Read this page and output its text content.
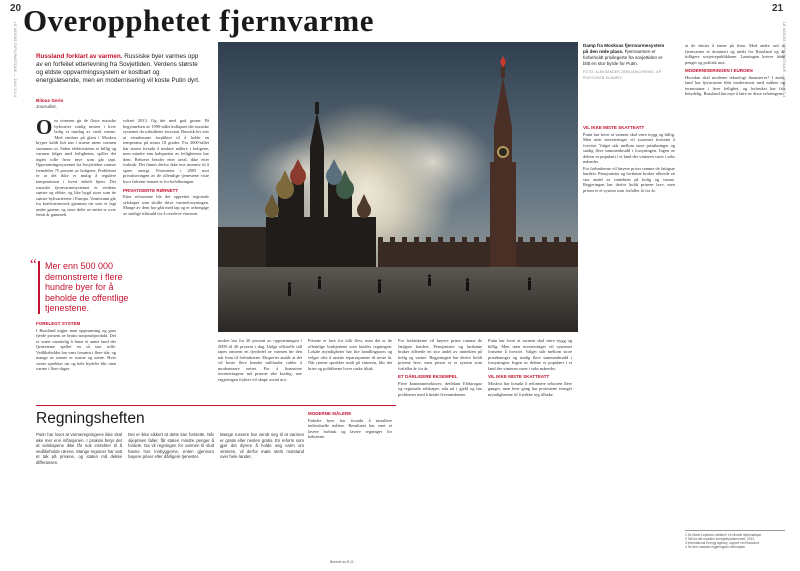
20	21
LE MONDE DIPLOMATIQUE — JUNI 2014	LE MONDE DIPLOMATIQUE — JUNI 2014
Overopphetet fjernvarme
Russland forklart av varmen. Russiske byer varmes opp av en forfeilet etterlevning fra Sovjettiden. Verdens største og eldste oppvarmingssystem er kostbart og energisløsende, men en modernisering vil koste Putin dyrt.
Bilous Gerin
Journalist.
Damp fra Moskvas fjernvarmesystem på den røde plass. Fjernvarmen er forbeholdt privilegerte fra sovjettiden er blitt en stor byrde for Putin.
FOTO: ALEKSANDER ZEMLIANICHENKO, AP PHOTO/NTB SCANPIX
O m vinteren gir de flotte russiske bykvarter vanlig nesten i hver bolig et innslag av sterk varme. Med vinduer på glant i Moskva kryper kaldt luft inn i stuene mens varmen strømmer ut. Siden elektrisiteten er billig og varmen følger med leiligheten, spiller det ingen rolle hvor mye som går tapt. Oppvarmingssystemet fra Sovjettiden varmer fremdeles 75 prosent av boligene. Problemet er at det ikke er mulig å regulere temperaturen i hvert enkelt hjem. Det russiske fjernvarmesystemet er verdens største og eldste, og like bygd store som de største bykvarterene i Europa. Varmtvann går fra kraftvarmeverk gjennom rør som er lagt under gatene, og store deler av nettet er over femti år gammelt.
FORELEGT SYSTEM

I Russland utgjør man oppvarming og gass fjerde prosent av brutto nasjonalprodukt. Det er svært vanskelig å finne et annet land der fjernvarme spiller en så stor rolle. Vedlikeholdet har vært forsømt i flere tiår, og mange av rørene er rustne og utette. Hver vinter sprekker rør og hele bydeler blir uten varme i flere dager.

“ Mer enn 500 000 demonstrerte i flere hundre byer for å beholde de offentlige tjenestene.

vokset 2013. Og det med god grunn: På begynnelsen av 1990-tallet kollapset det russiske systemet da subsidiene forsvant. Russisk lov sier at eiendomme forpliktet til å holde en temperatur på minst 18 grader. Fra 2000-tallet har staten forsøkt å innføre målere i boligene, men mindre enn halvparten av leilighetene har dem. Beboere betaler etter areal, ikke etter forbruk. Det finnes derfor ikke noe insentiv til å spare energi. Protestene i 2005 mot privatiseringen av de offentlige tjenestene viste hvor følsomt temaet er for befolkningen.

PRIVATISERTE RØRNETT

Etter reformene ble det opprettet regionale selskaper som skulle drive varmeforsyningen. Mange av dem har gått med tap og er avhengige av statlige tilskudd for å overleve vinteren.

nesker bar fra 20 prosent av oppvarmingen i 2009 til 40 prosent i dag. Ifølge offisielle tall tapes omtrent en fjerdedel av varmen før den når frem til forbrukerne. Eksperter anslår at det vil koste flere hundre milliarder rubler å modernisere nettet. For å finansiere investeringene må prisene øke kraftig, noe regjeringen frykter vil skape sosial uro.

Prisene er lave for folk flest, men det er de offentlige budsjettene som betaler regningen. Lokale myndigheter har lite handlingsrom og velger ofte å utsette reparasjonene til neste år. Når rørene sprekker midt på vinteren, blir det krise og politikerne lover raske tiltak.

MODERNE MÅLERE

Enkelte byer har forsøkt å installere individuelle målere. Resultatet har vært et lavere forbruk og lavere regninger for beboerne.

For forbrukerne vil høyere priser ramme de fattigste hardest. Pensjonister og lavtlønte bruker allerede en stor andel av inntekten på bolig og varme. Regjeringen har derfor holdt prisene lave, men prisen er et system som forfaller år for år.

ET DÅRLIGERE EKSEMPEL

Flere kommunesektorer, deriblant Elektrogaz og regionale selskaper, står nå i gjeld og har problemer med å betale leverandørene.

Putin har lovet at varmen skal være trygg og billig. Men uten investeringer vil systemet fortsette å forvitre. Valget står mellom store prisøkninger og stadig flere sammenbrudd i forsyningen. Ingen av delene er populært i et land der vinteren varer i seks måneder.

VIL IKKE MISTE SKATTEATT

Moskva har forsøkt å reformere sektoren flere ganger, men hver gang har protestene tvunget myndighetene til å trekke seg tilbake.

VIL IKKE MISTE SKATTEATT

Putin har lovet at varmen skal være trygg og billig. Men uten investeringer vil systemet fortsette å forvitre. Valget står mellom store prisøkninger og stadig flere sammenbrudd i forsyningen. Ingen av delene er populært i et land der vinteren varer i seks måneder.

For forbrukerne vil høyere priser ramme de fattigste hardest. Pensjonister og lavtlønte bruker allerede en stor andel av inntekten på bolig og varme. Regjeringen har derfor holdt prisene lave, men prisen er et system som forfaller år for år.

at de slutter å tenne på frem. Med andre ord er fjernvarme et dominert og unikt for Russland og de tidligere sovjetrepublikkene. Løsningen krever både penger og politisk mot.

MODERNISERINGEN I EUROEN

Hvordan skal moderne teknologi finansieres? I andre land har fjernvarme blitt modernisert med målere og termostater i hver leilighet, og forbruket har falt betydelig. Russland har mye å lære av disse erfaringene.

Regningsheften
Putin har lovet at varmeregningene ikke skal øke mer enn inflasjonen. I praksis betyr det at selskapene ikke får nok inntekter til å vedlikeholde rørene. Mange regioner har satt et tak på prisene, og staten må dekke differansen.
Det er ikke sikkert at dette kan fortsette. Når oljeprisen faller, får staten mindre penger å fordele. Da vil regningen for varmen til slutt havne hos innbyggerne, enten gjennom høyere priser eller dårligere tjenester.
Mange russere har vendt seg til at varmen er gratis eller nesten gratis. En reform som gjør det dyrere å holde seg varm om vinteren, vil derfor møte sterk motstand over hele landet.
Bonnet av B.G.
1 Se Marie Lepinard, artikkel i Le Monde diplomatique.
2 Tall fra det russiske energidepartementet, 2013.
3 International Energy Agency, rapport om Russland.
4 Se den russiske regjeringens reformplan.
